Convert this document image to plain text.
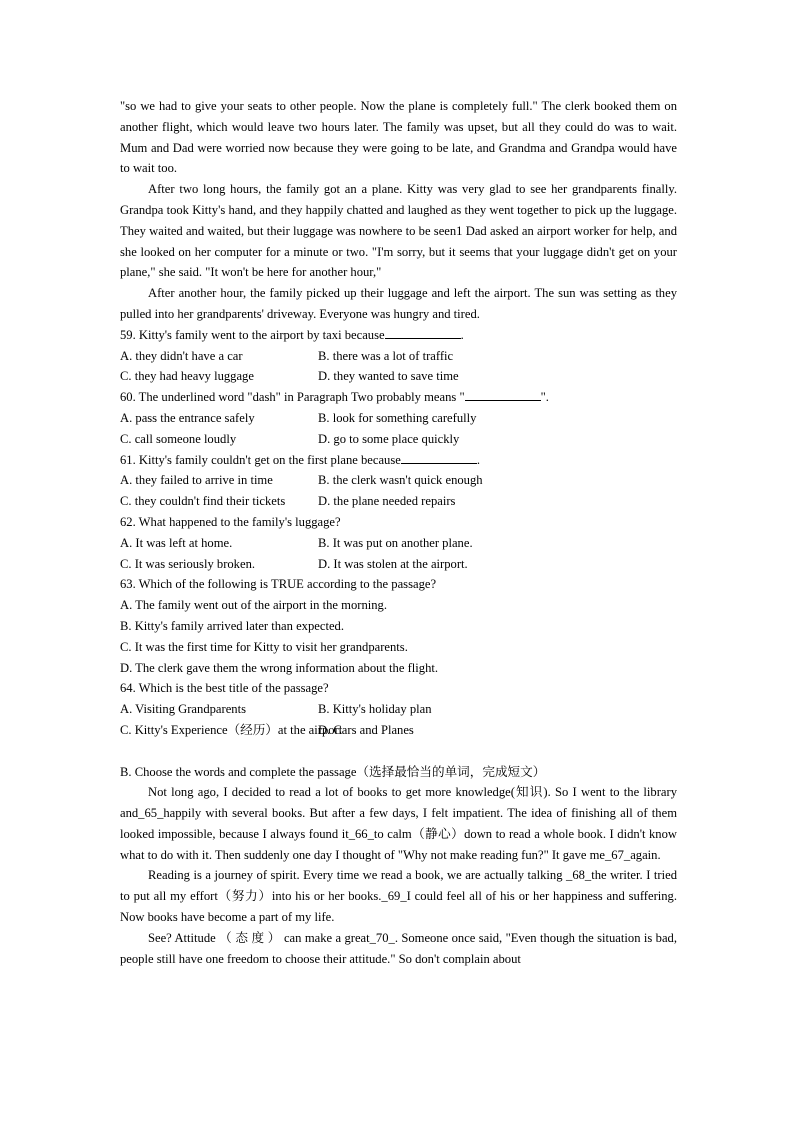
"so we had to give your seats to other people. Now the plane is completely full." The clerk booked them on another flight, which would leave two hours later. The family was upset, but all they could do was to wait. Mum and Dad were worried now because they were going to be late, and Grandma and Grandpa would have to wait too.
After two long hours, the family got an a plane. Kitty was very glad to see her grandparents finally. Grandpa took Kitty's hand, and they happily chatted and laughed as they went together to pick up the luggage. They waited and waited, but their luggage was nowhere to be seen1 Dad asked an airport worker for help, and she looked on her computer for a minute or two. "I'm sorry, but it seems that your luggage didn't get on your plane," she said. "It won't be here for another hour,"
After another hour, the family picked up their luggage and left the airport. The sun was setting as they pulled into her grandparents' driveway. Everyone was hungry and tired.
59. Kitty's family went to the airport by taxi because	.
A. they didn't have a car	B. there was a lot of traffic
C. they had heavy luggage	D. they wanted to save time
60. The underlined word "dash" in Paragraph Two probably means "	".
A. pass the entrance safely	B. look for something carefully
C. call someone loudly	D. go to some place quickly
61. Kitty's family couldn't get on the first plane because	.
A. they failed to arrive in time	B. the clerk wasn't quick enough
C. they couldn't find their tickets	D. the plane needed repairs
62. What happened to the family's luggage?
A. It was left at home.	B. It was put on another plane.
C. It was seriously broken.	D. It was stolen at the airport.
63. Which of the following is TRUE according to the passage?
A. The family went out of the airport in the morning.
B. Kitty's family arrived later than expected.
C. It was the first time for Kitty to visit her grandparents.
D. The clerk gave them the wrong information about the flight.
64. Which is the best title of the passage?
A. Visiting Grandparents	B. Kitty's holiday plan
C. Kitty's Experience（经历）at the airport
D. Cars and Planes
B. Choose the words and complete the passage（选择最恰当的单词，完成短文）
Not long ago, I decided to read a lot of books to get more knowledge(知识). So I went to the library and_65_happily with several books. But after a few days, I felt impatient. The idea of finishing all of them looked impossible, because I always found it_66_to calm（静心）down to read a whole book. I didn't know what to do with it. Then suddenly one day I thought of "Why not make reading fun?" It gave me_67_again.
Reading is a journey of spirit. Every time we read a book, we are actually talking _68_the writer. I tried to put all my effort（努力）into his or her books._69_I could feel all of his or her happiness and suffering. Now books have become a part of my life.
See? Attitude （ 态 度 ） can make a great_70_. Someone once said, "Even though the situation is bad, people still have one freedom to choose their attitude." So don't complain about
